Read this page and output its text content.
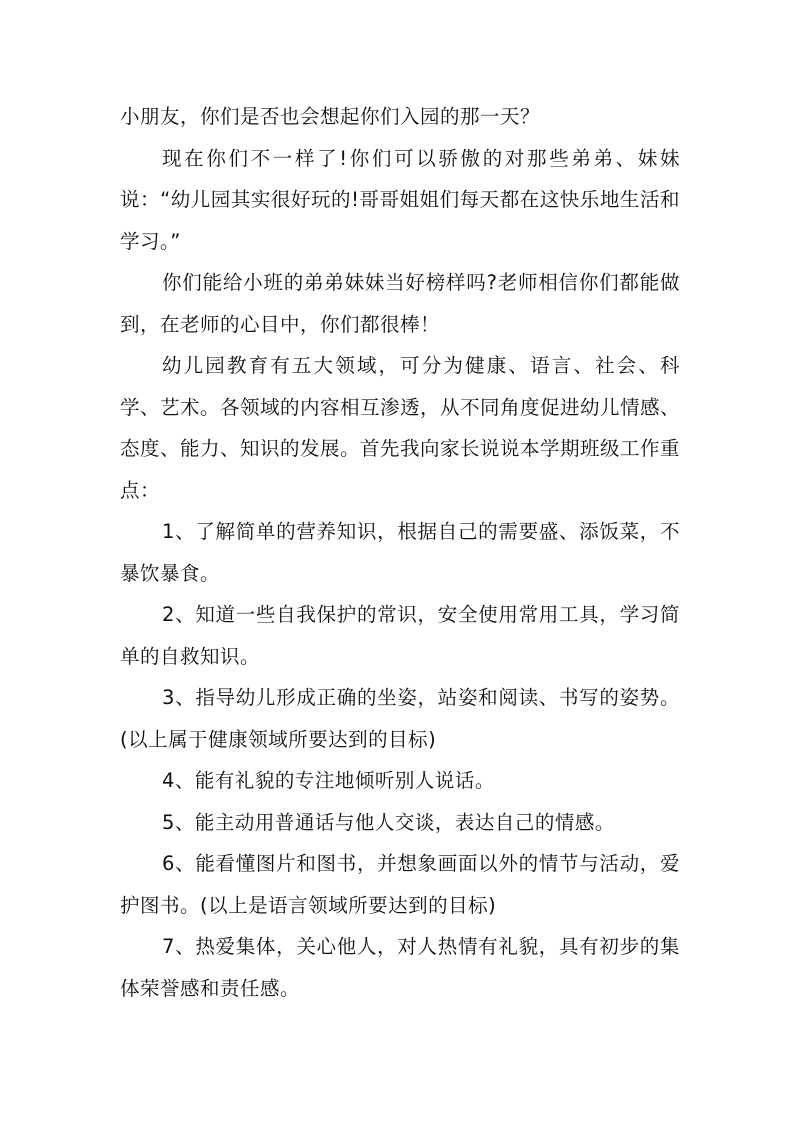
小朋友，你们是否也会想起你们入园的那一天？

现在你们不一样了!你们可以骄傲的对那些弟弟、妹妹说：“幼儿园其实很好玩的!哥哥姐姐们每天都在这快乐地生活和学习。”

你们能给小班的弟弟妹妹当好榜样吗?老师相信你们都能做到，在老师的心目中，你们都很棒！

幼儿园教育有五大领域，可分为健康、语言、社会、科学、艺术。各领域的内容相互渗透，从不同角度促进幼儿情感、态度、能力、知识的发展。首先我向家长说说本学期班级工作重点：

1、了解简单的营养知识，根据自己的需要盛、添饭菜，不暴饮暴食。

2、知道一些自我保护的常识，安全使用常用工具，学习简单的自救知识。

3、指导幼儿形成正确的坐姿，站姿和阅读、书写的姿势。(以上属于健康领域所要达到的目标)

4、能有礼貌的专注地倾听别人说话。

5、能主动用普通话与他人交谈，表达自己的情感。

6、能看懂图片和图书，并想象画面以外的情节与活动，爱护图书。(以上是语言领域所要达到的目标)

7、热爱集体，关心他人，对人热情有礼貌，具有初步的集体荣誉感和责任感。
